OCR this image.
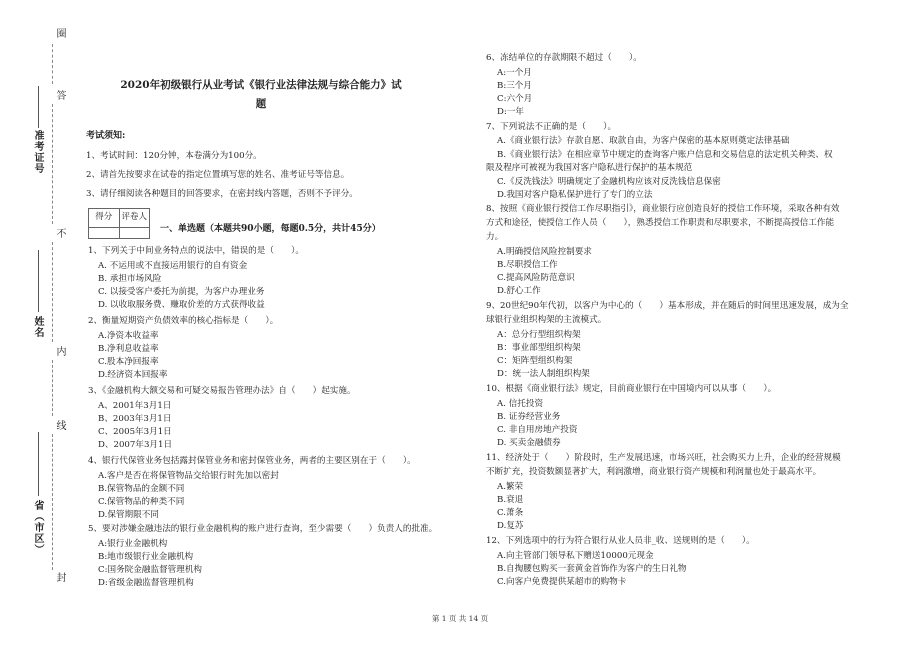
圈
答
不
内
线
封
准考证号
姓名
省（市区）
2020年初级银行从业考试《银行业法律法规与综合能力》试
题
考试须知:
1、考试时间：120分钟，本卷满分为100分。
2、请首先按要求在试卷的指定位置填写您的姓名、准考证号等信息。
3、请仔细阅读各种题目的回答要求，在密封线内答题，否则不予评分。
得分	评卷人
一、单选题（本题共90小题，每题0.5分，共计45分）
1、下列关于中间业务特点的说法中，错误的是（　　）。
A. 不运用或不直接运用银行的自有资金
B. 承担市场风险
C. 以接受客户委托为前提，为客户办理业务
D. 以收取服务费、赚取价差的方式获得收益
2、衡量短期资产负债效率的核心指标是（　　）。
A.净资本收益率
B.净利息收益率
C.股本净回报率
D.经济资本回报率
3、《金融机构大额交易和可疑交易报告管理办法》自（　　）起实施。
A、2001年3月1日
B、2003年3月1日
C、2005年3月1日
D、2007年3月1日
4、银行代保管业务包括露封保管业务和密封保管业务，两者的主要区别在于（　　）。
A.客户是否在将保管物品交给银行时先加以密封
B.保管物品的金额不同
C.保管物品的种类不同
D.保管期限不同
5、要对涉嫌金融违法的银行业金融机构的账户进行查询，至少需要（　　）负责人的批准。
A:银行业金融机构
B:地市级银行业金融机构
C:国务院金融监督管理机构
D:省级金融监督管理机构
6、冻结单位的存款期限不超过（　　）。
A:一个月
B:三个月
C:六个月
D:一年
7、下列说法不正确的是（　　）。
A.《商业银行法》存款自愿、取款自由，为客户保密的基本原则奠定法律基础
B.《商业银行法》在相应章节中规定的查询客户账户信息和交易信息的法定机关种类、权
限及程序可被视为我国对客户隐私进行保护的基本规范
C.《反洗钱法》明确规定了金融机构应该对反洗钱信息保密
D.我国对客户隐私保护进行了专门的立法
8、按照《商业银行授信工作尽职指引》，商业银行应创造良好的授信工作环境，采取各种有效
方式和途径，使授信工作人员（　　），熟悉授信工作职责和尽职要求，不断提高授信工作能
力。
A.明确授信风险控制要求
B.尽职授信工作
C.提高风险防范意识
D.舒心工作
9、20世纪90年代初，以客户为中心的（　　）基本形成，并在随后的时间里迅速发展，成为全
球银行业组织构架的主流模式。
A：总分行型组织构架
B：事业部型组织构架
C：矩阵型组织构架
D：统一法人制组织构架
10、根据《商业银行法》规定，目前商业银行在中国境内可以从事（　　）。
A. 信托投资
B. 证券经营业务
C. 非自用房地产投资
D. 买卖金融债券
11、经济处于（　　）阶段时，生产发展迅速，市场兴旺，社会购买力上升，企业的经营规模
不断扩充，投资数额显著扩大，利润激增，商业银行资产规模和利润量也处于最高水平。
A.繁荣
B.衰退
C.萧条
D.复苏
12、下列选项中的行为符合银行从业人员非_收、送规则的是（　　）。
A.向主管部门领导私下赠送10000元现金
B.自掏腰包购买一套黄金首饰作为客户的生日礼物
C.向客户免费提供某超市的购物卡
第 1 页 共 14 页
